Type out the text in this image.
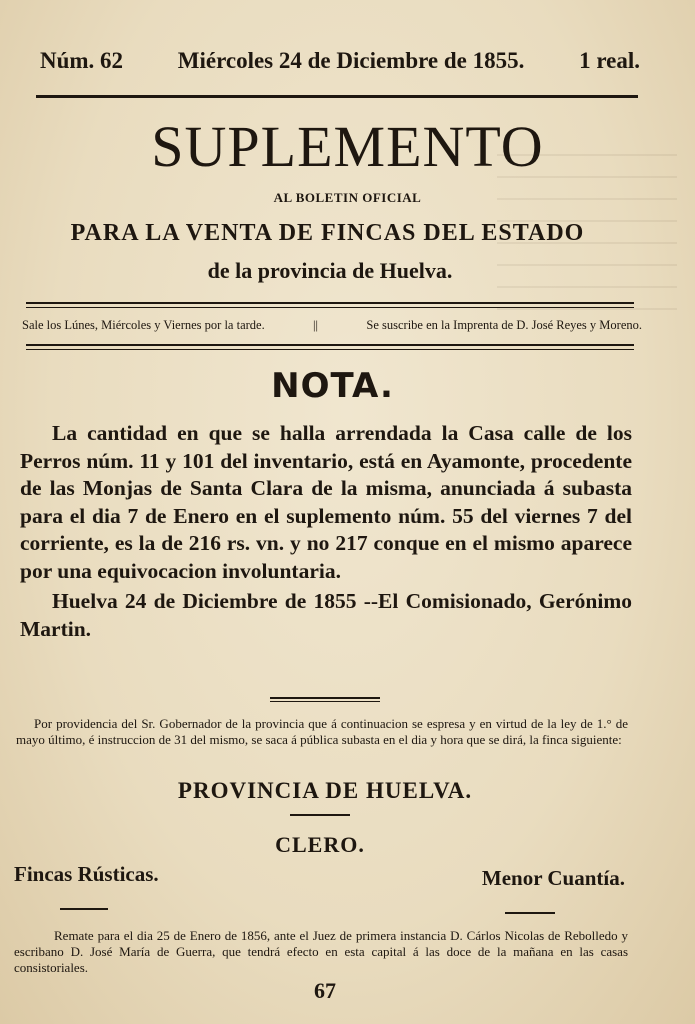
Núm. 62 Miércoles 24 de Diciembre de 1855. 1 real.
SUPLEMENTO
AL BOLETIN OFICIAL
PARA LA VENTA DE FINCAS DEL ESTADO
de la provincia de Huelva.
Sale los Lúnes, Miércoles y Viernes por la tarde.	||	Se suscribe en la Imprenta de D. José Reyes y Moreno.
NOTA.

La cantidad en que se halla arrendada la Casa calle de los Perros núm. 11 y 101 del inventario, está en Ayamonte, procedente de las Monjas de Santa Clara de la misma, anunciada á subasta para el dia 7 de Enero en el suplemento núm. 55 del viernes 7 del corriente, es la de 216 rs. vn. y no 217 conque en el mismo aparece por una equivocacion involuntaria.

Huelva 24 de Diciembre de 1855 --El Comisionado, Gerónimo Martin.

Por providencia del Sr. Gobernador de la provincia que á continuacion se espresa y en virtud de la ley de 1.° de mayo último, é instruccion de 31 del mismo, se saca á pública subasta en el dia y hora que se dirá, la finca siguiente:

PROVINCIA DE HUELVA.
CLERO.
Fincas Rústicas.	Menor Cuantía.

Remate para el dia 25 de Enero de 1856, ante el Juez de primera instancia D. Cárlos Nicolas de Rebolledo y escribano D. José María de Guerra, que tendrá efecto en esta capital á las doce de la mañana en las casas consistoriales.

67
